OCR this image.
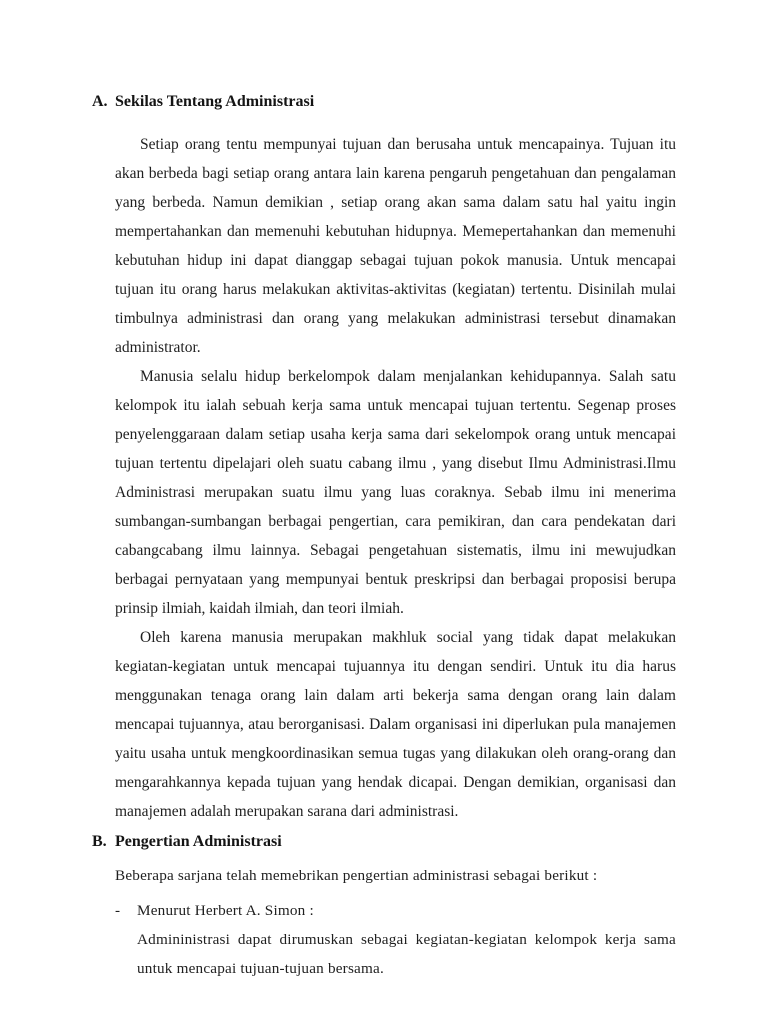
A. Sekilas Tentang Administrasi

Setiap orang tentu mempunyai tujuan dan berusaha untuk mencapainya. Tujuan itu akan berbeda bagi setiap orang antara lain karena pengaruh pengetahuan dan pengalaman yang berbeda. Namun demikian , setiap orang akan sama dalam satu hal yaitu ingin mempertahankan dan memenuhi kebutuhan hidupnya. Memepertahankan dan memenuhi kebutuhan hidup ini dapat dianggap sebagai tujuan pokok manusia. Untuk mencapai tujuan itu orang harus melakukan aktivitas-aktivitas (kegiatan) tertentu. Disinilah mulai timbulnya administrasi dan orang yang melakukan administrasi tersebut dinamakan administrator.

Manusia selalu hidup berkelompok dalam menjalankan kehidupannya. Salah satu kelompok itu ialah sebuah kerja sama untuk mencapai tujuan tertentu. Segenap proses penyelenggaraan dalam setiap usaha kerja sama dari sekelompok orang untuk mencapai tujuan tertentu dipelajari oleh suatu cabang ilmu , yang disebut Ilmu Administrasi.Ilmu Administrasi merupakan suatu ilmu yang luas coraknya. Sebab ilmu ini menerima sumbangan-sumbangan berbagai pengertian, cara pemikiran, dan cara pendekatan dari cabangcabang ilmu lainnya. Sebagai pengetahuan sistematis, ilmu ini mewujudkan berbagai pernyataan yang mempunyai bentuk preskripsi dan berbagai proposisi berupa prinsip ilmiah, kaidah ilmiah, dan teori ilmiah.

Oleh karena manusia merupakan makhluk social yang tidak dapat melakukan kegiatan-kegiatan untuk mencapai tujuannya itu dengan sendiri. Untuk itu dia harus menggunakan tenaga orang lain dalam arti bekerja sama dengan orang lain dalam mencapai tujuannya, atau berorganisasi. Dalam organisasi ini diperlukan pula manajemen yaitu usaha untuk mengkoordinasikan semua tugas yang dilakukan oleh orang-orang dan mengarahkannya kepada tujuan yang hendak dicapai. Dengan demikian, organisasi dan manajemen adalah merupakan sarana dari administrasi.

B. Pengertian Administrasi

Beberapa sarjana telah memebrikan pengertian administrasi sebagai berikut :

- Menurut Herbert A. Simon :

Admininistrasi dapat dirumuskan sebagai kegiatan-kegiatan kelompok kerja sama untuk mencapai tujuan-tujuan bersama.
